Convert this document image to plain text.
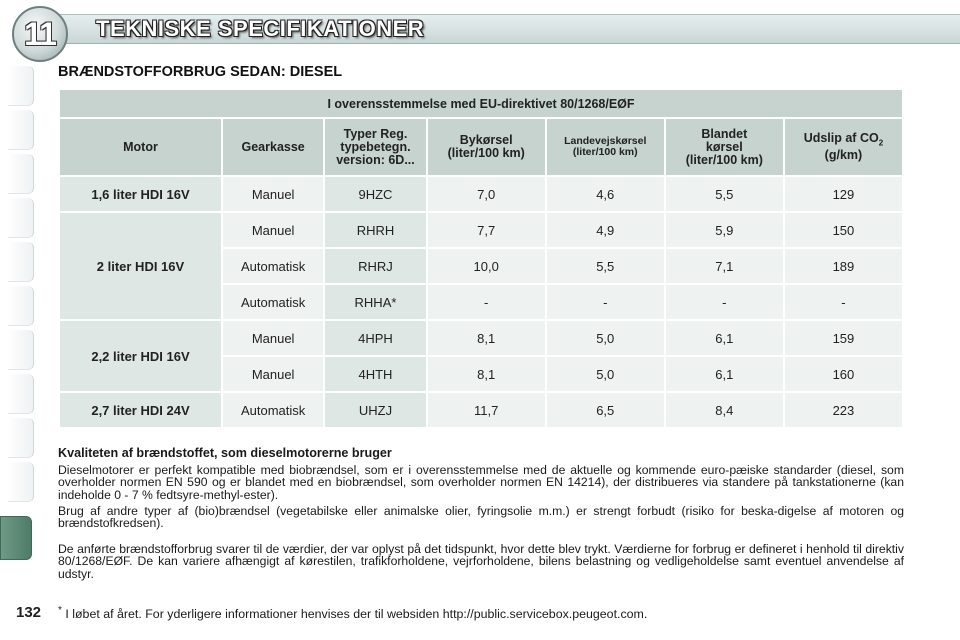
11 TEKNISKE SPECIFIKATIONER
BRÆNDSTOFFORBRUG SEDAN: DIESEL
I overensstemmelse med EU-direktivet 80/1268/EØF						
Motor	Gearkasse	Typer Reg.
typebetegn.
version: 6D...	Bykørsel
(liter/100 km)	Landevejskørsel
(liter/100 km)	Blandet
kørsel
(liter/100 km)	Udslip af $CO_2$
(g/km)
1,6 liter HDI 16V	Manuel	9HZC	7,0	4,6	5,5	129
2 liter HDI 16V	Manuel	RHRH	7,7	4,9	5,9	150
	Automatisk	RHRJ	10,0	5,5	7,1	189
	Automatisk	RHHA*	-	-	-	-
2,2 liter HDI 16V	Manuel	4HPH	8,1	5,0	6,1	159
	Manuel	4HTH	8,1	5,0	6,1	160
2,7 liter HDI 24V	Automatisk	UHZJ	11,7	6,5	8,4	223
Kvaliteten af brændstoffet, som dieselmotorerne bruger
Dieselmotorer er perfekt kompatible med biobrændsel, som er i overensstemmelse med de aktuelle og kommende euro-pæiske standarder (diesel, som overholder normen EN 590 og er blandet med en biobrændsel, som overholder normen EN 14214), der distribueres via standere på tankstationerne (kan indeholde 0 - 7 % fedtsyre-methyl-ester).
Brug af andre typer af (bio)brændsel (vegetabilske eller animalske olier, fyringsolie m.m.) er strengt forbudt (risiko for beska-digelse af motoren og brændstofkredsen).
De anførte brændstofforbrug svarer til de værdier, der var oplyst på det tidspunkt, hvor dette blev trykt. Værdierne for forbrug er defineret i henhold til direktiv 80/1268/EØF. De kan variere afhængigt af kørestilen, trafikforholdene, vejrforholdene, bilens belastning og vedligeholdelse samt eventuel anvendelse af udstyr.
132 * I løbet af året. For yderligere informationer henvises der til websiden http://public.servicebox.peugeot.com.
